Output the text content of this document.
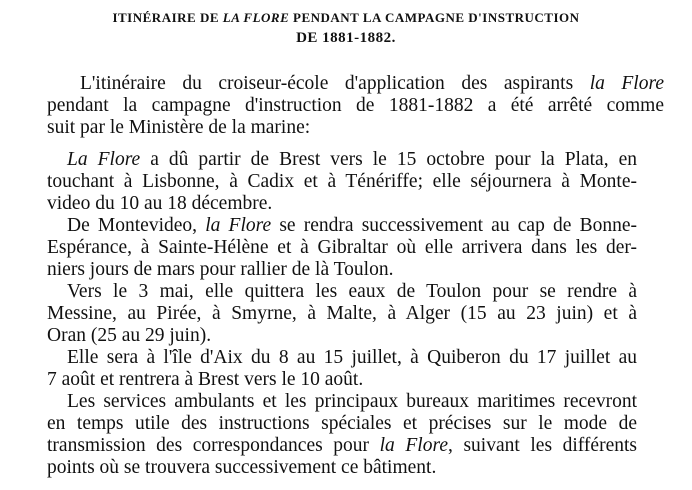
ITINÉRAIRE DE LA FLORE PENDANT LA CAMPAGNE D'INSTRUCTION
DE 1881-1882.
L'itinéraire du croiseur-école d'application des aspirants la Flore
pendant la campagne d'instruction de 1881-1882 a été arrêté comme
suit par le Ministère de la marine:
La Flore a dû partir de Brest vers le 15 octobre pour la Plata, en
touchant à Lisbonne, à Cadix et à Ténériffe; elle séjournera à Monte-
video du 10 au 18 décembre.
De Montevideo, la Flore se rendra successivement au cap de Bonne-
Espérance, à Sainte-Hélène et à Gibraltar où elle arrivera dans les der-
niers jours de mars pour rallier de là Toulon.
Vers le 3 mai, elle quittera les eaux de Toulon pour se rendre à
Messine, au Pirée, à Smyrne, à Malte, à Alger (15 au 23 juin) et à
Oran (25 au 29 juin).
Elle sera à l'île d'Aix du 8 au 15 juillet, à Quiberon du 17 juillet au
7 août et rentrera à Brest vers le 10 août.
Les services ambulants et les principaux bureaux maritimes recevront
en temps utile des instructions spéciales et précises sur le mode de
transmission des correspondances pour la Flore, suivant les différents
points où se trouvera successivement ce bâtiment.
